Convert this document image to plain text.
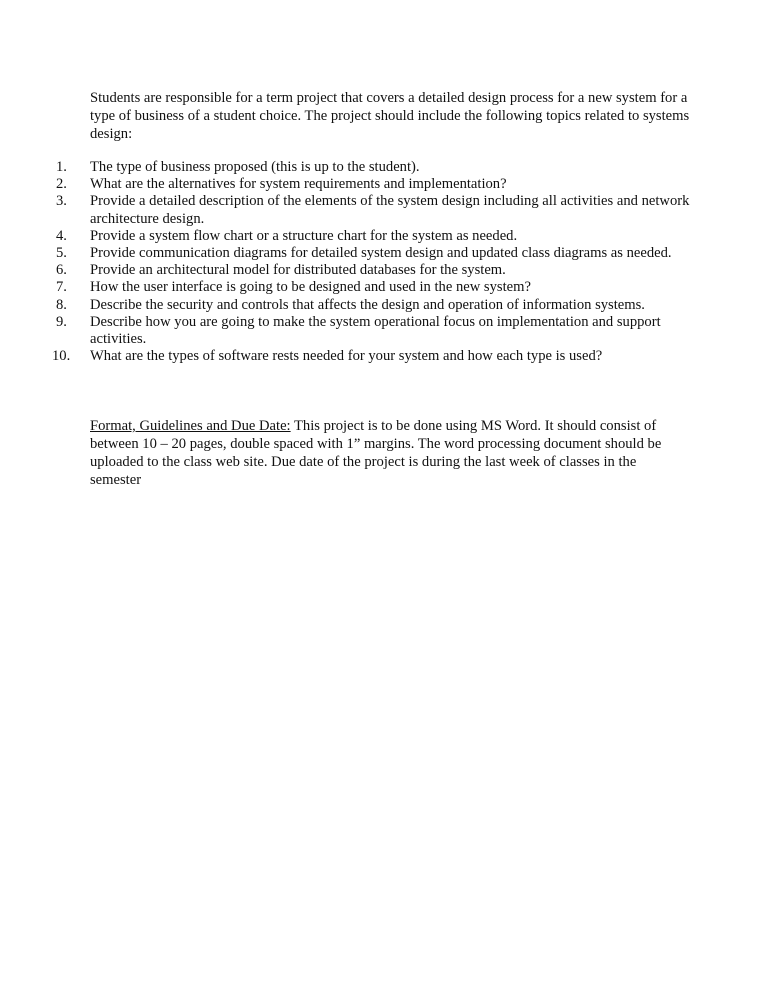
Students are responsible for a term project that covers a detailed design process for a new system for a type of business of a student choice. The project should include the following topics related to systems design:

1. The type of business proposed (this is up to the student).
2. What are the alternatives for system requirements and implementation?
3. Provide a detailed description of the elements of the system design including all activities and network architecture design.
4. Provide a system flow chart or a structure chart for the system as needed.
5. Provide communication diagrams for detailed system design and updated class diagrams as needed.
6. Provide an architectural model for distributed databases for the system.
7. How the user interface is going to be designed and used in the new system?
8. Describe the security and controls that affects the design and operation of information systems.
9. Describe how you are going to make the system operational focus on implementation and support activities.
10. What are the types of software rests needed for your system and how each type is used?

Format, Guidelines and Due Date: This project is to be done using MS Word. It should consist of between 10 – 20 pages, double spaced with 1” margins. The word processing document should be uploaded to the class web site. Due date of the project is during the last week of classes in the semester
